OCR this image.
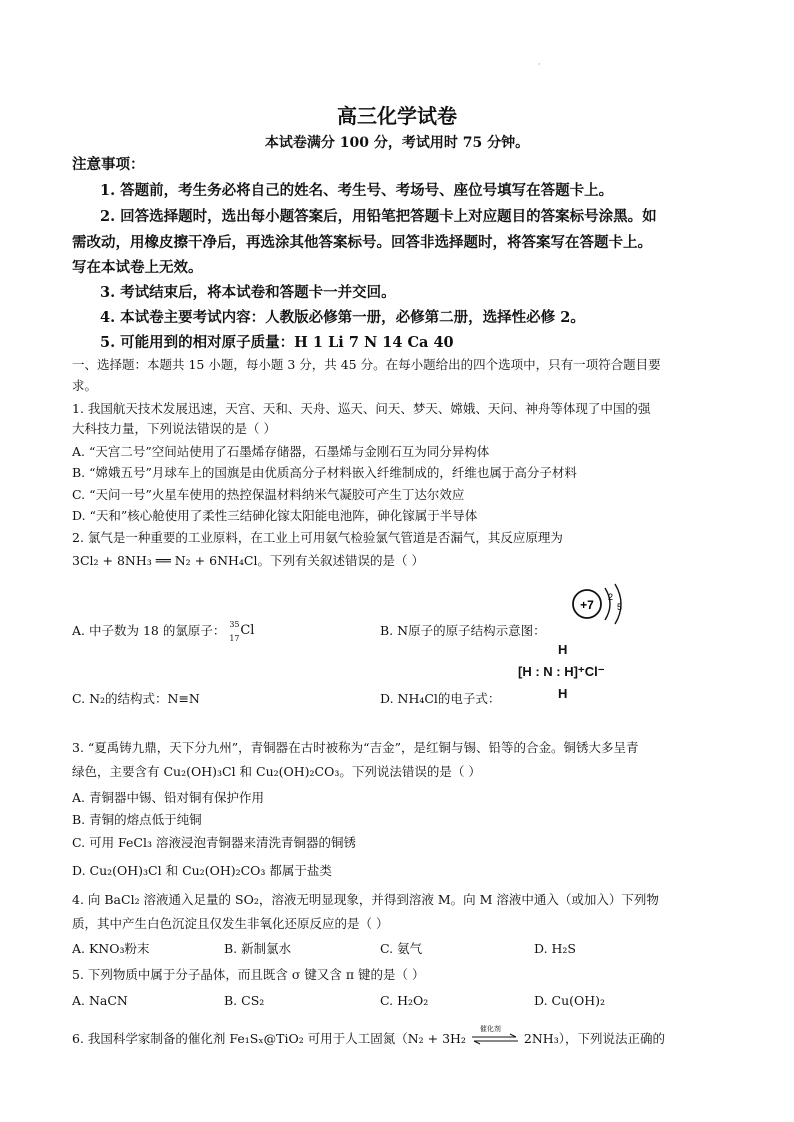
·
高三化学试卷
本试卷满分 100 分，考试用时 75 分钟。
注意事项：
1. 答题前，考生务必将自己的姓名、考生号、考场号、座位号填写在答题卡上。
2. 回答选择题时，选出每小题答案后，用铅笔把答题卡上对应题目的答案标号涂黑。如
需改动，用橡皮擦干净后，再选涂其他答案标号。回答非选择题时，将答案写在答题卡上。
写在本试卷上无效。
3. 考试结束后，将本试卷和答题卡一并交回。
4. 本试卷主要考试内容：人教版必修第一册，必修第二册，选择性必修 2。
5. 可能用到的相对原子质量：H 1 Li 7 N 14 Ca 40
一、选择题：本题共 15 小题，每小题 3 分，共 45 分。在每小题给出的四个选项中，只有一项符合题目要
求。
1. 我国航天技术发展迅速，天宫、天和、天舟、巡天、问天、梦天、嫦娥、天问、神舟等体现了中国的强
大科技力量，下列说法错误的是（ ）
A. “天宫二号”空间站使用了石墨烯存储器，石墨烯与金刚石互为同分异构体
B. “嫦娥五号”月球车上的国旗是由优质高分子材料嵌入纤维制成的，纤维也属于高分子材料
C. “天问一号”火星车使用的热控保温材料纳米气凝胶可产生丁达尔效应
D. “天和”核心舱使用了柔性三结砷化镓太阳能电池阵，砷化镓属于半导体
2. 氯气是一种重要的工业原料，在工业上可用氨气检验氯气管道是否漏气，其反应原理为
3Cl₂ + 8NH₃ ══ N₂ + 6NH₄Cl。下列有关叙述错误的是（ ）
A. 中子数为 18 的氯原子： 35
17
Cl	B. N原子的原子结构示意图：
+7
2
5
C. N₂的结构式：N≡N	D. NH₄Cl的电子式：
H
[H : N : H]⁺Cl⁻
H
3. “夏禹铸九鼎，天下分九州”，青铜器在古时被称为“吉金”，是红铜与锡、铅等的合金。铜锈大多呈青
绿色，主要含有 Cu₂(OH)₃Cl 和 Cu₂(OH)₂CO₃。下列说法错误的是（ ）
A. 青铜器中锡、铅对铜有保护作用
B. 青铜的熔点低于纯铜
C. 可用 FeCl₃ 溶液浸泡青铜器来清洗青铜器的铜锈
D. Cu₂(OH)₃Cl 和 Cu₂(OH)₂CO₃ 都属于盐类
4. 向 BaCl₂ 溶液通入足量的 SO₂，溶液无明显现象，并得到溶液 M。向 M 溶液中通入（或加入）下列物
质，其中产生白色沉淀且仅发生非氧化还原反应的是（ ）
A. KNO₃粉末	B. 新制氯水	C. 氨气	D. H₂S
5. 下列物质中属于分子晶体，而且既含 σ 键又含 π 键的是（ ）
A. NaCN	B. CS₂	C. H₂O₂	D. Cu(OH)₂
6. 我国科学家制备的催化剂 Fe₁Sₓ@TiO₂ 可用于人工固氮（N₂ + 3H₂
催化剂
2NH₃），下列说法正确的
